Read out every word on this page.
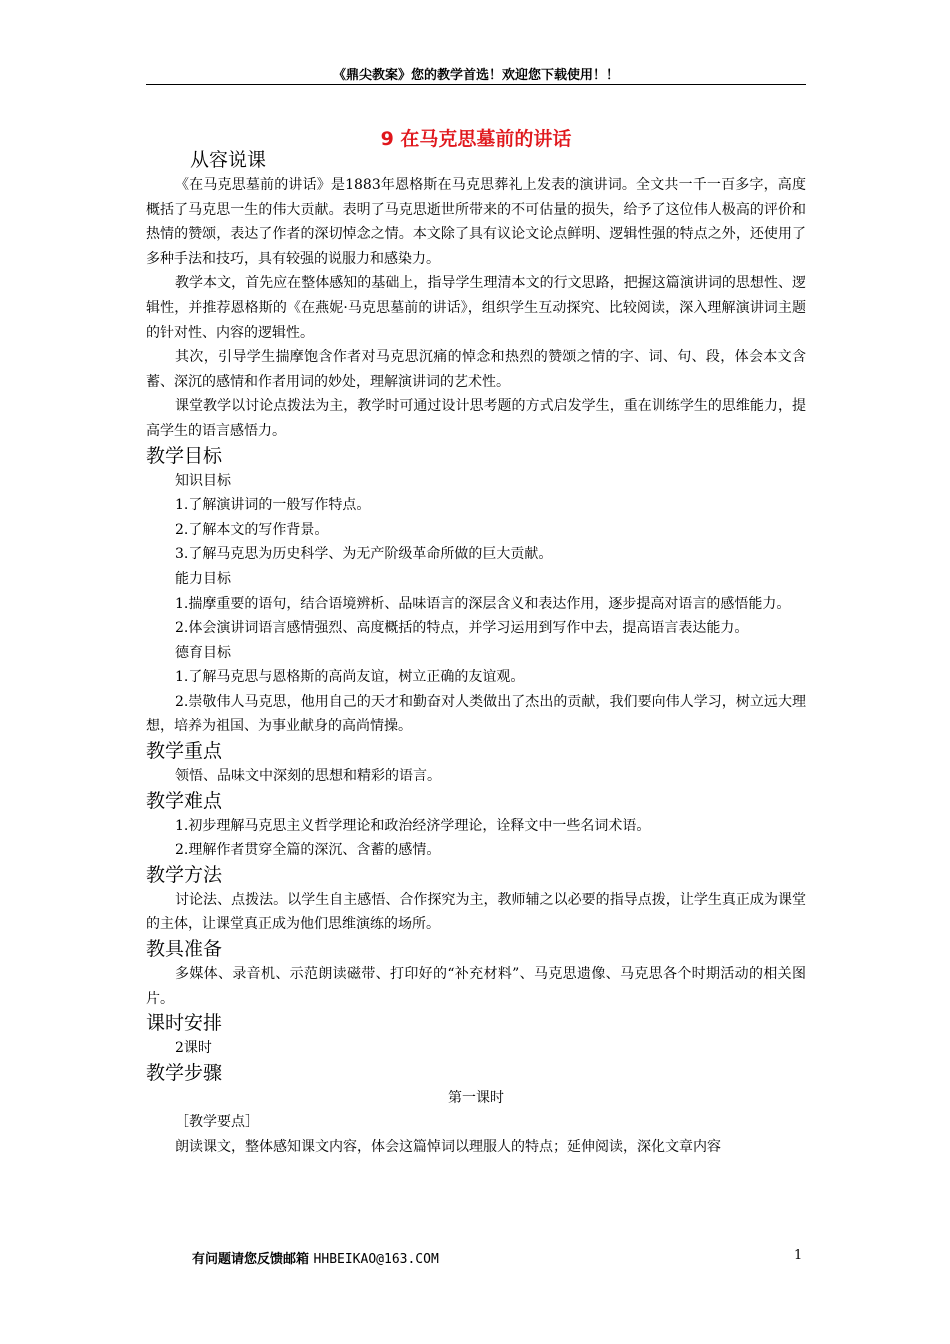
《鼎尖教案》您的教学首选！欢迎您下载使用！！
9 在马克思墓前的讲话
从容说课

《在马克思墓前的讲话》是1883年恩格斯在马克思葬礼上发表的演讲词。全文共一千一百多字，高度概括了马克思一生的伟大贡献。表明了马克思逝世所带来的不可估量的损失，给予了这位伟人极高的评价和热情的赞颂，表达了作者的深切悼念之情。本文除了具有议论文论点鲜明、逻辑性强的特点之外，还使用了多种手法和技巧，具有较强的说服力和感染力。

教学本文，首先应在整体感知的基础上，指导学生理清本文的行文思路，把握这篇演讲词的思想性、逻辑性，并推荐恩格斯的《在燕妮·马克思墓前的讲话》，组织学生互动探究、比较阅读，深入理解演讲词主题的针对性、内容的逻辑性。

其次，引导学生揣摩饱含作者对马克思沉痛的悼念和热烈的赞颂之情的字、词、句、段，体会本文含蓄、深沉的感情和作者用词的妙处，理解演讲词的艺术性。

课堂教学以讨论点拨法为主，教学时可通过设计思考题的方式启发学生，重在训练学生的思维能力，提高学生的语言感悟力。

教学目标

知识目标

1.了解演讲词的一般写作特点。

2.了解本文的写作背景。

3.了解马克思为历史科学、为无产阶级革命所做的巨大贡献。

能力目标

1.揣摩重要的语句，结合语境辨析、品味语言的深层含义和表达作用，逐步提高对语言的感悟能力。

2.体会演讲词语言感情强烈、高度概括的特点，并学习运用到写作中去，提高语言表达能力。

德育目标

1.了解马克思与恩格斯的高尚友谊，树立正确的友谊观。

2.崇敬伟人马克思，他用自己的天才和勤奋对人类做出了杰出的贡献，我们要向伟人学习，树立远大理想，培养为祖国、为事业献身的高尚情操。

教学重点

领悟、品味文中深刻的思想和精彩的语言。

教学难点

1.初步理解马克思主义哲学理论和政治经济学理论，诠释文中一些名词术语。

2.理解作者贯穿全篇的深沉、含蓄的感情。

教学方法

讨论法、点拨法。以学生自主感悟、合作探究为主，教师辅之以必要的指导点拨，让学生真正成为课堂的主体，让课堂真正成为他们思维演练的场所。

教具准备

多媒体、录音机、示范朗读磁带、打印好的“补充材料”、马克思遗像、马克思各个时期活动的相关图片。

课时安排

2课时

教学步骤

第一课时

［教学要点］

朗读课文，整体感知课文内容，体会这篇悼词以理服人的特点；延伸阅读，深化文章内容

有问题请您反馈邮箱 HHBEIKAO@163.COM	1
